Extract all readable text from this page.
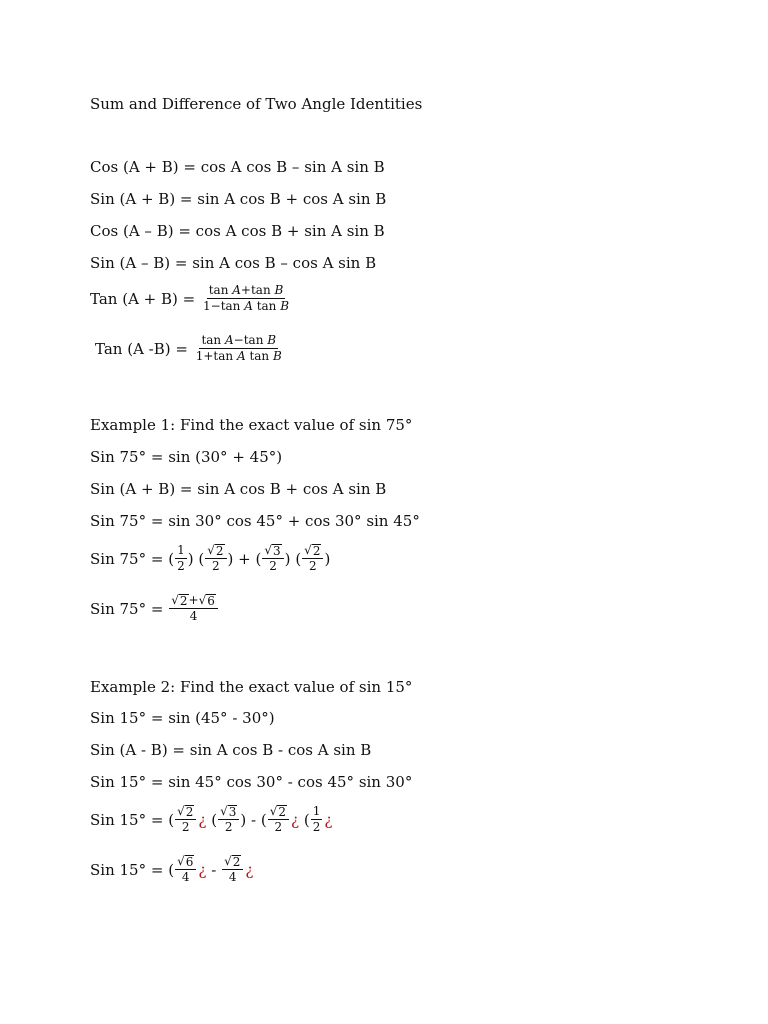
Sum and Difference of Two Angle Identities
Cos (A + B) = cos A cos B – sin A sin B
Sin (A + B) = sin A cos B + cos A sin B
Cos (A – B) = cos A cos B + sin A sin B
Sin (A – B) = sin A cos B – cos A sin B
Tan (A + B) =
$\frac{\text{tan A+tan B}}{\text{1−tan A tan B}}$
Tan (A -B) =
$\frac{\text{tan A−tan B}}{\text{1+tan A tan B}}$
Example 1: Find the exact value of sin 75°
Sin 75° = sin (30° + 45°)
Sin (A + B) = sin A cos B + cos A sin B
Sin 75° = sin 30° cos 45° + cos 30° sin 45°
Sin 75° =
( $\frac{1}{2}$ )
( $\frac{√ 2}{2}$ )
+
( $\frac{√ 3}{2}$ )
( $\frac{√ 2}{2}$ )
Sin 75° =
$\frac{√ 2 + √ 6}{4}$
Example 2: Find the exact value of sin 15°
Sin 15° = sin (45° - 30°)
Sin (A - B) = sin A cos B - cos A sin B
Sin 15° = sin 45° cos 30° - cos 45° sin 30°
Sin 15° =
( $\frac{√ 2}{2}$ ¿
( $\frac{√ 3}{2}$ )
-
( $\frac{√ 2}{2}$ ¿
( $\frac{1}{2}$ ¿
Sin 15° =
( $\frac{√ 6}{4}$ ¿
-
$\frac{√ 2}{4}$ ¿
